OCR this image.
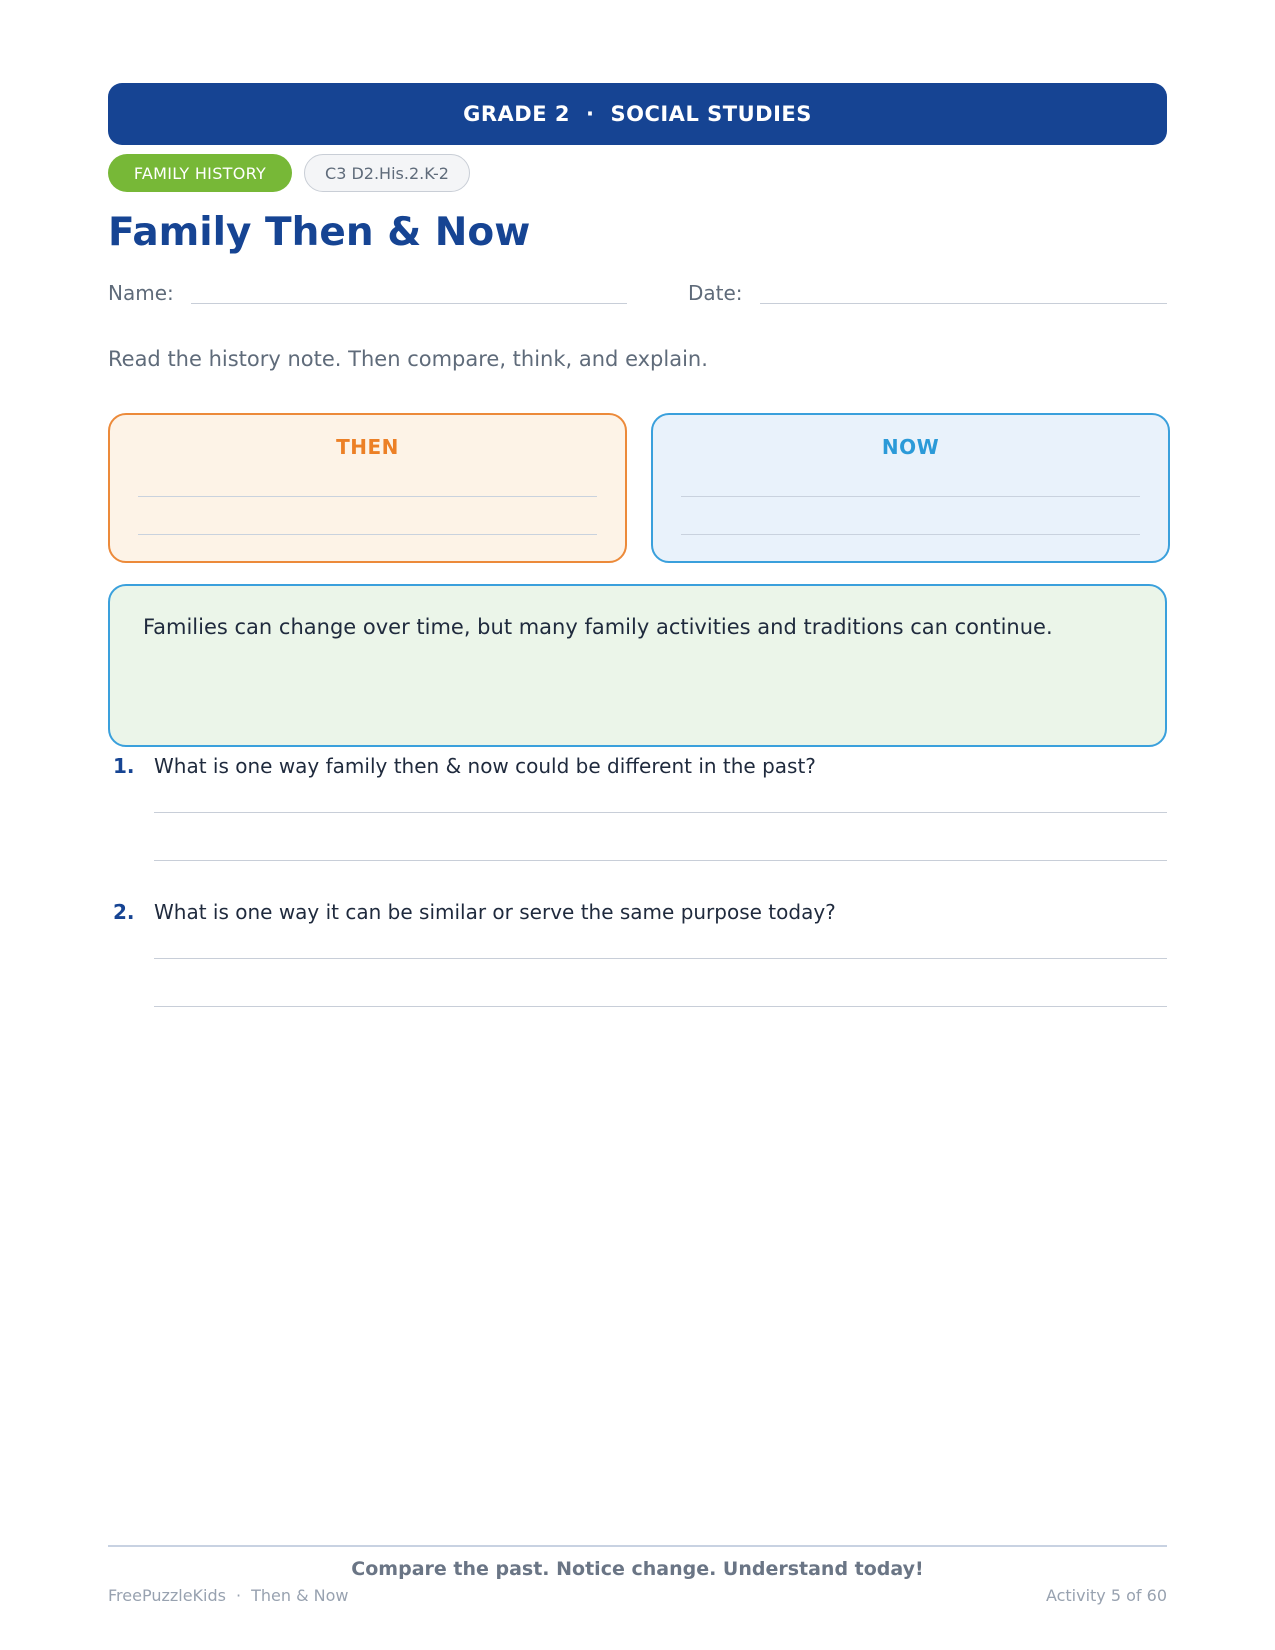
GRADE 2 · SOCIAL STUDIES
FAMILY HISTORY	C3 D2.His.2.K-2
Family Then & Now
Name:	Date:
Read the history note. Then compare, think, and explain.
THEN	NOW
Families can change over time, but many family activities and traditions can continue.
1. What is one way family then & now could be different in the past?
2. What is one way it can be similar or serve the same purpose today?
Compare the past. Notice change. Understand today!
FreePuzzleKids · Then & Now	Activity 5 of 60
